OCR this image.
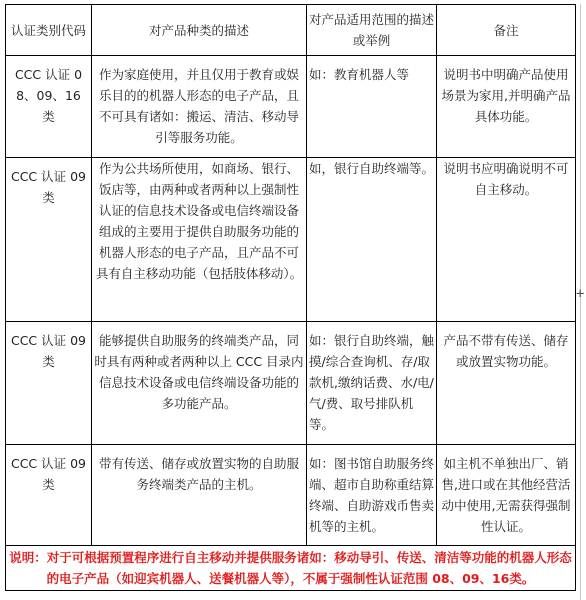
认证类别代码	对产品种类的描述	对产品适用范围的描述或举例	备注
CCC 认证 08、09、16 类	作为家庭使用，并且仅用于教育或娱乐目的的机器人形态的电子产品，且不可具有诸如：搬运、清洁、移动导引等服务功能。	如：教育机器人等	说明书中明确产品使用场景为家用,并明确产品具体功能。
CCC 认证 09 类	作为公共场所使用，如商场、银行、饭店等，由两种或者两种以上强制性认证的信息技术设备或电信终端设备组成的主要用于提供自助服务功能的机器人形态的电子产品，且产品不可具有自主移动功能（包括肢体移动）。	如，银行自助终端等。	说明书应明确说明不可自主移动。
CCC 认证 09 类	能够提供自助服务的终端类产品，同时具有两种或者两种以上 CCC 目录内信息技术设备或电信终端设备功能的多功能产品。	如：银行自助终端，触摸/综合查询机、存/取款机,缴纳话费、水/电/气/费、取号排队机等。	产品不带有传送、储存或放置实物功能。
CCC 认证 09 类	带有传送、储存或放置实物的自助服务终端类产品的主机。	如：图书馆自助服务终端、超市自助称重结算终端、自助游戏币售卖机等的主机。	如主机不单独出厂、销售,进口或在其他经营活动中使用,无需获得强制性认证。
说明：对于可根据预置程序进行自主移动并提供服务诸如：移动导引、传送、清洁等功能的机器人形态的电子产品（如迎宾机器人、送餐机器人等），不属于强制性认证范围 08、09、16类。			
+
